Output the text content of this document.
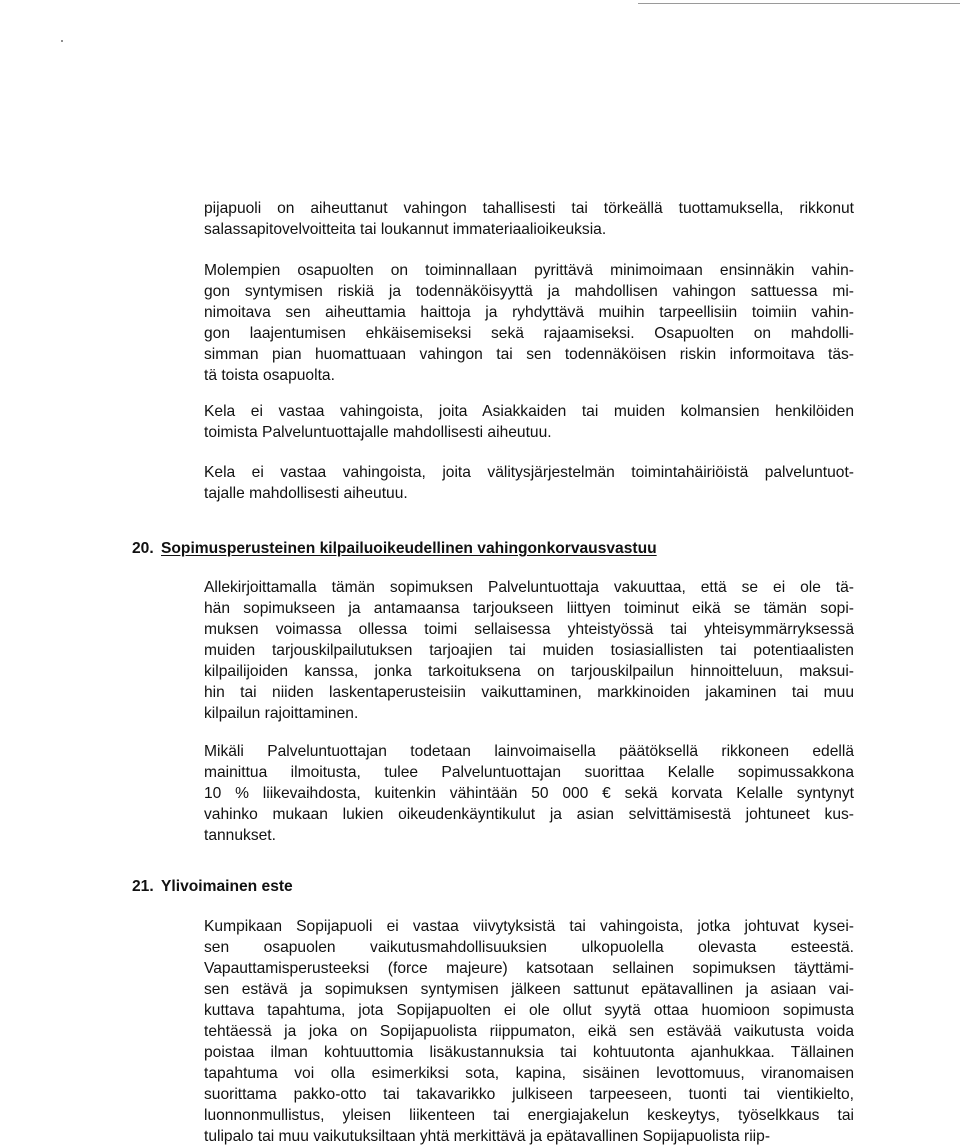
pijapuoli on aiheuttanut vahingon tahallisesti tai törkeällä tuottamuksella, rikkonut
salassapitovelvoitteita tai loukannut immateriaalioikeuksia.

Molempien osapuolten on toiminnallaan pyrittävä minimoimaan ensinnäkin vahin-
gon syntymisen riskiä ja todennäköisyyttä ja mahdollisen vahingon sattuessa mi-
nimoitava sen aiheuttamia haittoja ja ryhdyttävä muihin tarpeellisiin toimiin vahin-
gon laajentumisen ehkäisemiseksi sekä rajaamiseksi. Osapuolten on mahdolli-
simman pian huomattuaan vahingon tai sen todennäköisen riskin informoitava täs-
tä toista osapuolta.

Kela ei vastaa vahingoista, joita Asiakkaiden tai muiden kolmansien henkilöiden
toimista Palveluntuottajalle mahdollisesti aiheutuu.

Kela ei vastaa vahingoista, joita välitysjärjestelmän toimintahäiriöistä palveluntuot-
tajalle mahdollisesti aiheutuu.

20. Sopimusperusteinen kilpailuoikeudellinen vahingonkorvausvastuu

Allekirjoittamalla tämän sopimuksen Palveluntuottaja vakuuttaa, että se ei ole tä-
hän sopimukseen ja antamaansa tarjoukseen liittyen toiminut eikä se tämän sopi-
muksen voimassa ollessa toimi sellaisessa yhteistyössä tai yhteisymmärryksessä
muiden tarjouskilpailutuksen tarjoajien tai muiden tosiasiallisten tai potentiaalisten
kilpailijoiden kanssa, jonka tarkoituksena on tarjouskilpailun hinnoitteluun, maksui-
hin tai niiden laskentaperusteisiin vaikuttaminen, markkinoiden jakaminen tai muu
kilpailun rajoittaminen.

Mikäli Palveluntuottajan todetaan lainvoimaisella päätöksellä rikkoneen edellä
mainittua ilmoitusta, tulee Palveluntuottajan suorittaa Kelalle sopimussakkona
10 % liikevaihdosta, kuitenkin vähintään 50 000 € sekä korvata Kelalle syntynyt
vahinko mukaan lukien oikeudenkäyntikulut ja asian selvittämisestä johtuneet kus-
tannukset.

21. Ylivoimainen este

Kumpikaan Sopijapuoli ei vastaa viivytyksistä tai vahingoista, jotka johtuvat kysei-
sen osapuolen vaikutusmahdollisuuksien ulkopuolella olevasta esteestä.
Vapauttamisperusteeksi (force majeure) katsotaan sellainen sopimuksen täyttämi-
sen estävä ja sopimuksen syntymisen jälkeen sattunut epätavallinen ja asiaan vai-
kuttava tapahtuma, jota Sopijapuolten ei ole ollut syytä ottaa huomioon sopimusta
tehtäessä ja joka on Sopijapuolista riippumaton, eikä sen estävää vaikutusta voida
poistaa ilman kohtuuttomia lisäkustannuksia tai kohtuutonta ajanhukkaa. Tällainen
tapahtuma voi olla esimerkiksi sota, kapina, sisäinen levottomuus, viranomaisen
suorittama pakko-otto tai takavarikko julkiseen tarpeeseen, tuonti tai vientikielto,
luonnonmullistus, yleisen liikenteen tai energiajakelun keskeytys, työselkkaus tai
tulipalo tai muu vaikutuksiltaan yhtä merkittävä ja epätavallinen Sopijapuolista riip-
